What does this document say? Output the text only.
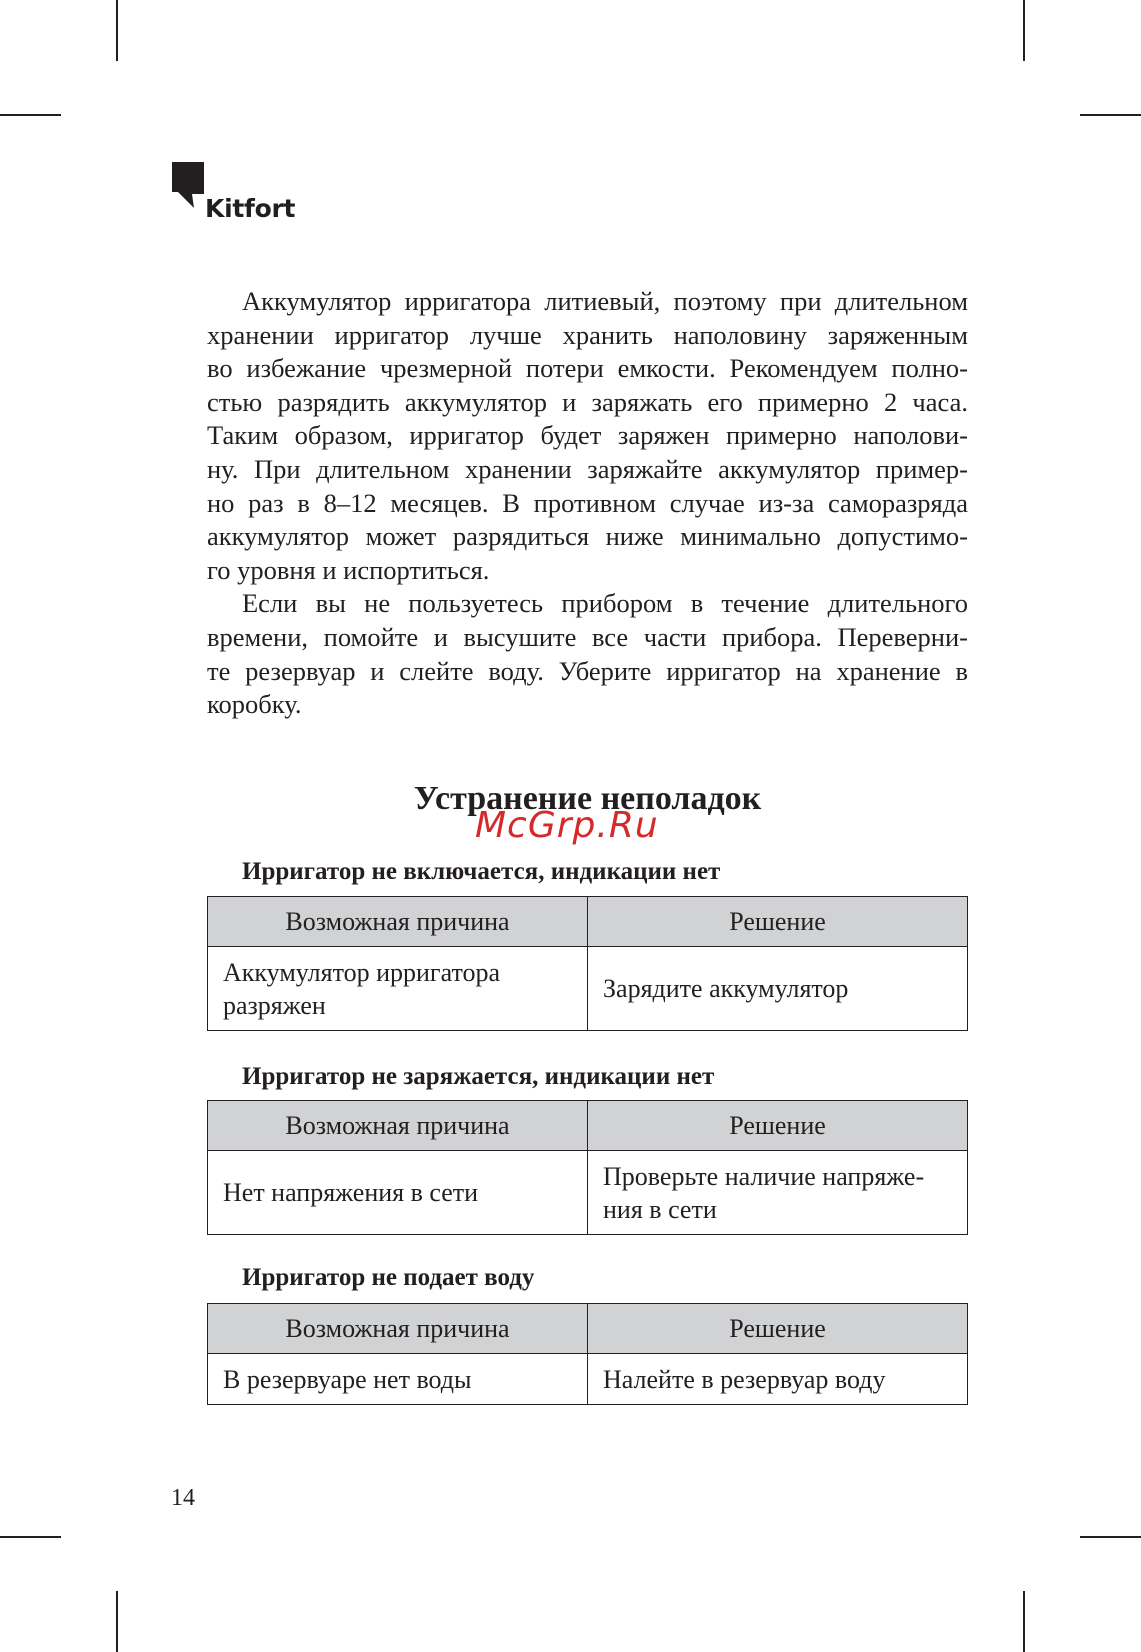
Kitfort
Аккумулятор ирригатора литиевый, поэтому при длительном
хранении ирригатор лучше хранить наполовину заряженным
во избежание чрезмерной потери емкости. Рекомендуем полно-
стью разрядить аккумулятор и заряжать его примерно 2 часа.
Таким образом, ирригатор будет заряжен примерно наполови-
ну. При длительном хранении заряжайте аккумулятор пример-
но раз в 8–12 месяцев. В противном случае из-за саморазряда
аккумулятор может разрядиться ниже минимально допустимо-
го уровня и испортиться.
Если вы не пользуетесь прибором в течение длительного
времени, помойте и высушите все части прибора. Переверни-
те резервуар и слейте воду. Уберите ирригатор на хранение в
коробку.
Устранение неполадок
McGrp.Ru
Ирригатор не включается, индикации нет
Возможная причина	Решение
Аккумулятор ирригатора
разряжен	Зарядите аккумулятор
Ирригатор не заряжается, индикации нет
Возможная причина	Решение
Нет напряжения в сети	Проверьте наличие напряже-
ния в сети
Ирригатор не подает воду
Возможная причина	Решение
В резервуаре нет воды	Налейте в резервуар воду
14
